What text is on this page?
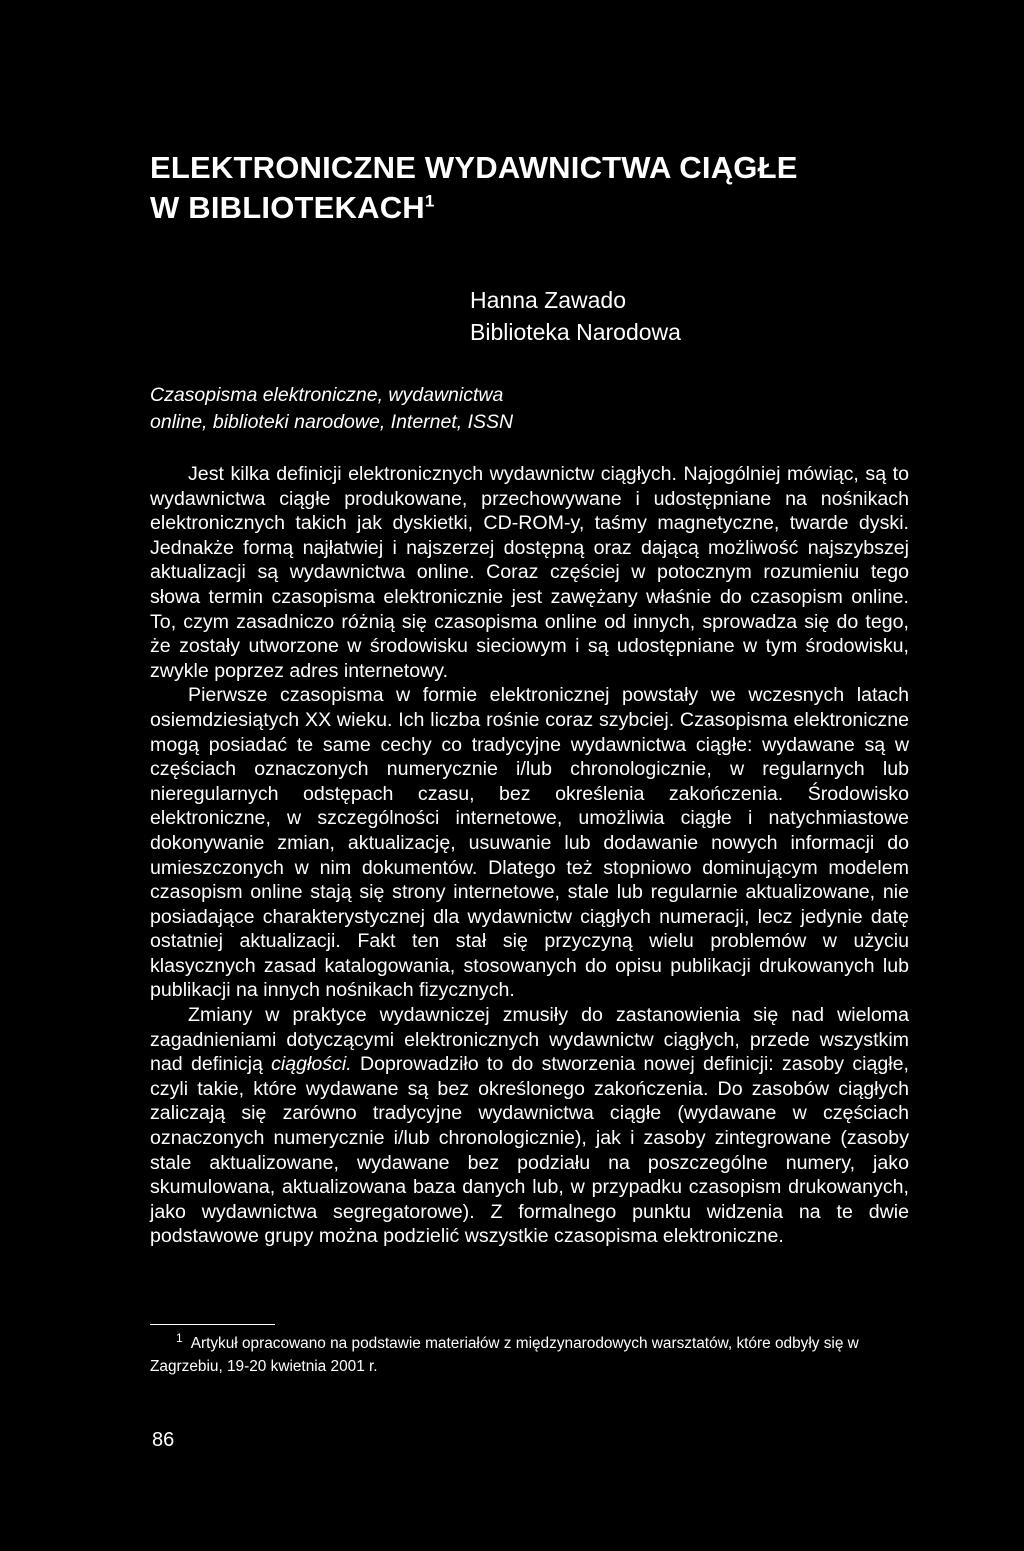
ELEKTRONICZNE WYDAWNICTWA CIĄGŁE
W BIBLIOTEKACH$^1$
Hanna Zawado
Biblioteka Narodowa
Czasopisma elektroniczne, wydawnictwa
online, biblioteki narodowe, Internet, ISSN

Jest kilka definicji elektronicznych wydawnictw ciągłych. Najogólniej mówiąc, są to wydawnictwa ciągłe produkowane, przechowywane i udostępniane na nośnikach elektronicznych takich jak dyskietki, CD-ROM-y, taśmy magnetyczne, twarde dyski. Jednakże formą najłatwiej i najszerzej dostępną oraz dającą możliwość najszybszej aktualizacji są wydawnictwa online. Coraz częściej w potocznym rozumieniu tego słowa termin czasopisma elektronicznie jest zawężany właśnie do czasopism online. To, czym zasadniczo różnią się czasopisma online od innych, sprowadza się do tego, że zostały utworzone w środowisku sieciowym i są udostępniane w tym środowisku, zwykle poprzez adres internetowy.

Pierwsze czasopisma w formie elektronicznej powstały we wczesnych latach osiemdziesiątych XX wieku. Ich liczba rośnie coraz szybciej. Czasopisma elektroniczne mogą posiadać te same cechy co tradycyjne wydawnictwa ciągłe: wydawane są w częściach oznaczonych numerycznie i/lub chronologicznie, w regularnych lub nieregularnych odstępach czasu, bez określenia zakończenia. Środowisko elektroniczne, w szczególności internetowe, umożliwia ciągłe i natychmiastowe dokonywanie zmian, aktualizację, usuwanie lub dodawanie nowych informacji do umieszczonych w nim dokumentów. Dlatego też stopniowo dominującym modelem czasopism online stają się strony internetowe, stale lub regularnie aktualizowane, nie posiadające charakterystycznej dla wydawnictw ciągłych numeracji, lecz jedynie datę ostatniej aktualizacji. Fakt ten stał się przyczyną wielu problemów w użyciu klasycznych zasad katalogowania, stosowanych do opisu publikacji drukowanych lub publikacji na innych nośnikach fizycznych.

Zmiany w praktyce wydawniczej zmusiły do zastanowienia się nad wieloma zagadnieniami dotyczącymi elektronicznych wydawnictw ciągłych, przede wszystkim nad definicją ciągłości. Doprowadziło to do stworzenia nowej definicji: zasoby ciągłe, czyli takie, które wydawane są bez określonego zakończenia. Do zasobów ciągłych zaliczają się zarówno tradycyjne wydawnictwa ciągłe (wydawane w częściach oznaczonych numerycznie i/lub chronologicznie), jak i zasoby zintegrowane (zasoby stale aktualizowane, wydawane bez podziału na poszczególne numery, jako skumulowana, aktualizowana baza danych lub, w przypadku czasopism drukowanych, jako wydawnictwa segregatorowe). Z formalnego punktu widzenia na te dwie podstawowe grupy można podzielić wszystkie czasopisma elektroniczne.

$^1$ Artykuł opracowano na podstawie materiałów z międzynarodowych warsztatów, które odbyły się w Zagrzebiu, 19-20 kwietnia 2001 r.
86
